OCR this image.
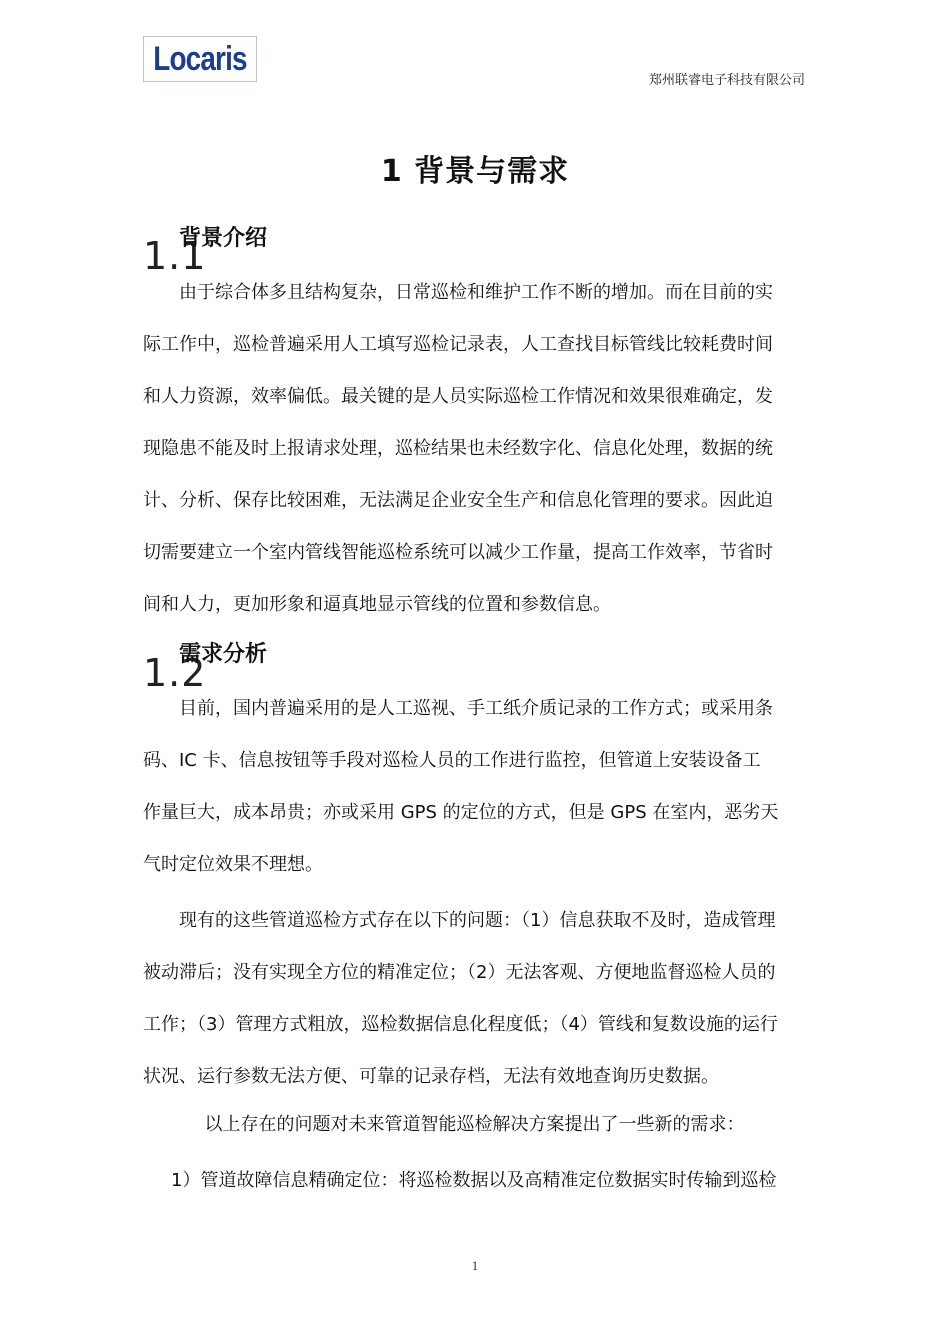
Locaris
郑州联睿电子科技有限公司
1 背景与需求
1.1
背景介绍
由于综合体多且结构复杂，日常巡检和维护工作不断的增加。而在目前的实
际工作中，巡检普遍采用人工填写巡检记录表，人工查找目标管线比较耗费时间
和人力资源，效率偏低。最关键的是人员实际巡检工作情况和效果很难确定，发
现隐患不能及时上报请求处理，巡检结果也未经数字化、信息化处理，数据的统
计、分析、保存比较困难，无法满足企业安全生产和信息化管理的要求。因此迫
切需要建立一个室内管线智能巡检系统可以减少工作量，提高工作效率，节省时
间和人力，更加形象和逼真地显示管线的位置和参数信息。
1.2
需求分析
目前，国内普遍采用的是人工巡视、手工纸介质记录的工作方式；或采用条
码、IC 卡、信息按钮等手段对巡检人员的工作进行监控，但管道上安装设备工
作量巨大，成本昂贵；亦或采用 GPS 的定位的方式，但是 GPS 在室内，恶劣天
气时定位效果不理想。
现有的这些管道巡检方式存在以下的问题：（1）信息获取不及时，造成管理
被动滞后；没有实现全方位的精准定位；（2）无法客观、方便地监督巡检人员的
工作；（3）管理方式粗放，巡检数据信息化程度低；（4）管线和复数设施的运行
状况、运行参数无法方便、可靠的记录存档，无法有效地查询历史数据。
以上存在的问题对未来管道智能巡检解决方案提出了一些新的需求：
1）管道故障信息精确定位：将巡检数据以及高精准定位数据实时传输到巡检
1
